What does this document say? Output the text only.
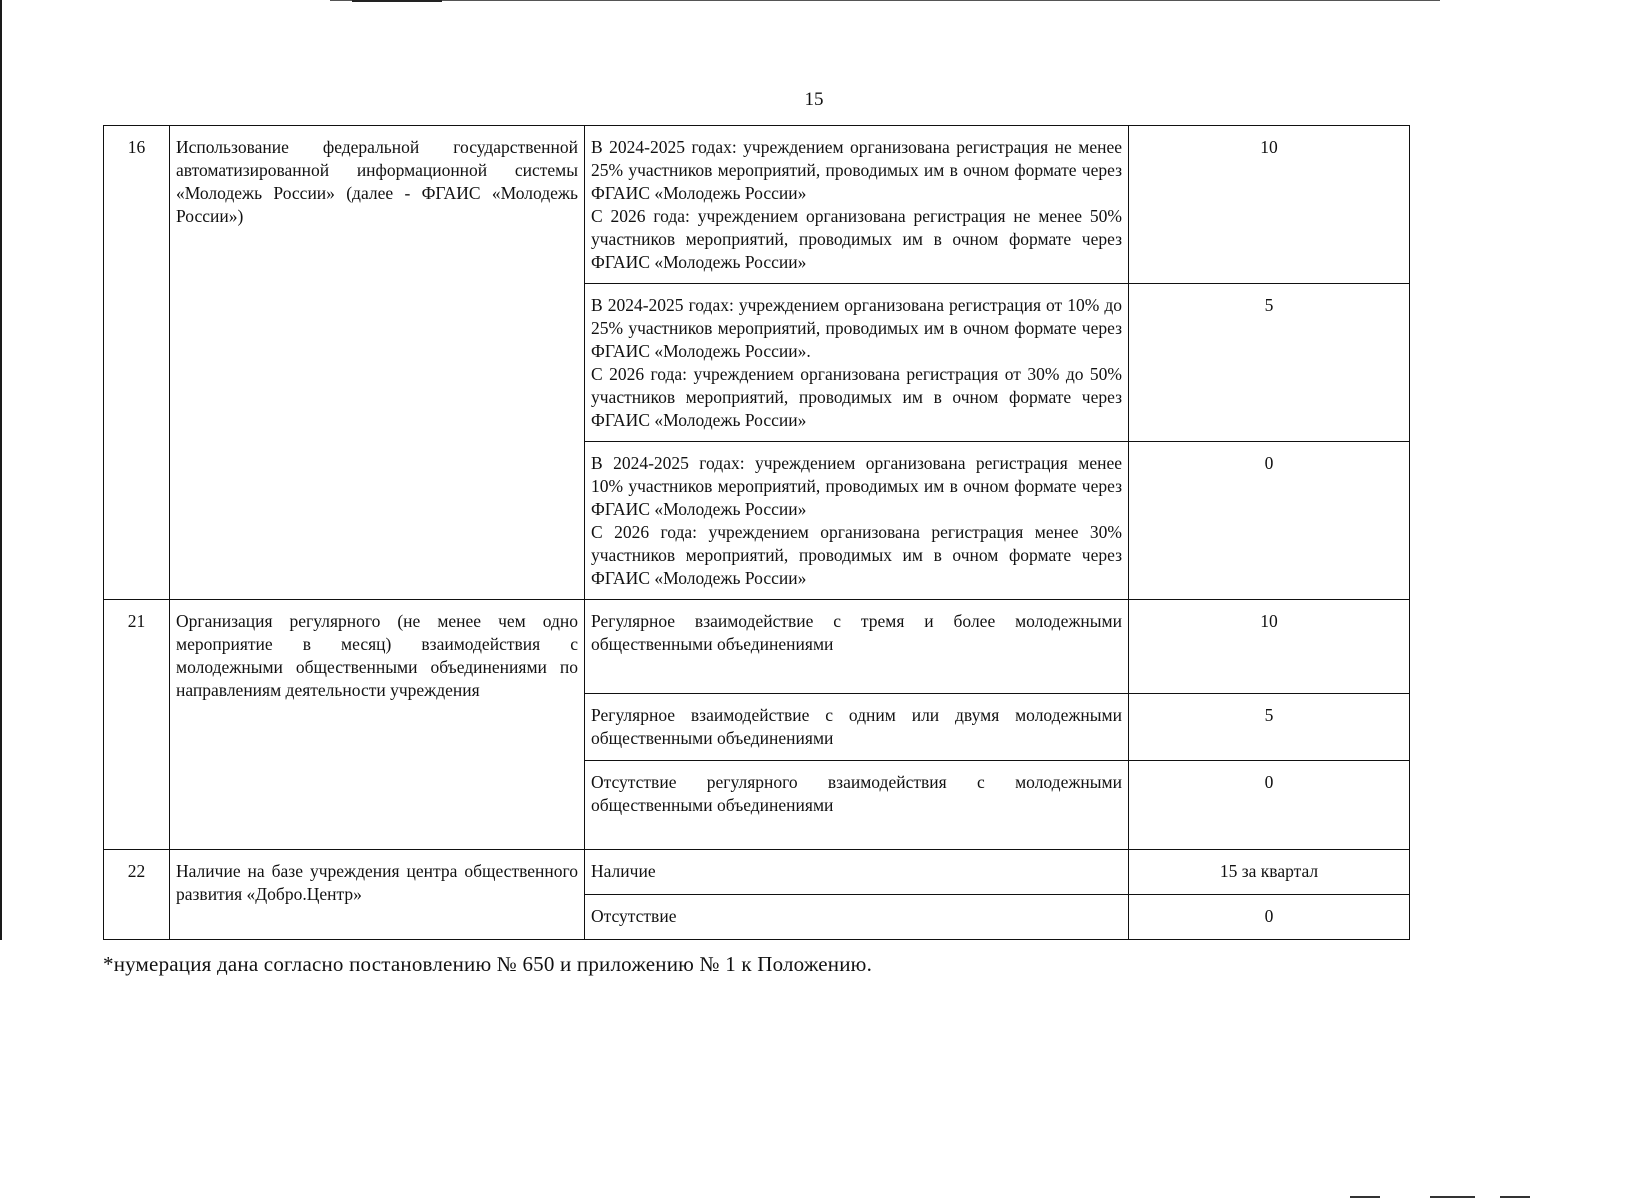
15
16	Использование федеральной государственной автоматизированной информационной системы «Молодежь России» (далее - ФГАИС «Молодежь России»)	В 2024-2025 годах: учреждением организована регистрация не менее 25% участников мероприятий, проводимых им в очном формате через ФГАИС «Молодежь России»
С 2026 года: учреждением организована регистрация не менее 50% участников мероприятий, проводимых им в очном формате через ФГАИС «Молодежь России»	10

		В 2024-2025 годах: учреждением организована регистрация от 10% до 25% участников мероприятий, проводимых им в очном формате через ФГАИС «Молодежь России».
С 2026 года: учреждением организована регистрация от 30% до 50% участников мероприятий, проводимых им в очном формате через ФГАИС «Молодежь России»	5

		В 2024-2025 годах: учреждением организована регистрация менее 10% участников мероприятий, проводимых им в очном формате через ФГАИС «Молодежь России»
С 2026 года: учреждением организована регистрация менее 30% участников мероприятий, проводимых им в очном формате через ФГАИС «Молодежь России»	0
21	Организация регулярного (не менее чем одно мероприятие в месяц) взаимодействия с молодежными общественными объединениями по направлениям деятельности учреждения	Регулярное взаимодействие с тремя и более молодежными общественными объединениями	10

		Регулярное взаимодействие с одним или двумя молодежными общественными объединениями	5

		Отсутствие регулярного взаимодействия с молодежными общественными объединениями	0
22	Наличие на базе учреждения центра общественного развития «Добро.Центр»	Наличие	15 за квартал

		Отсутствие	0
*нумерация дана согласно постановлению № 650 и приложению № 1 к Положению.
